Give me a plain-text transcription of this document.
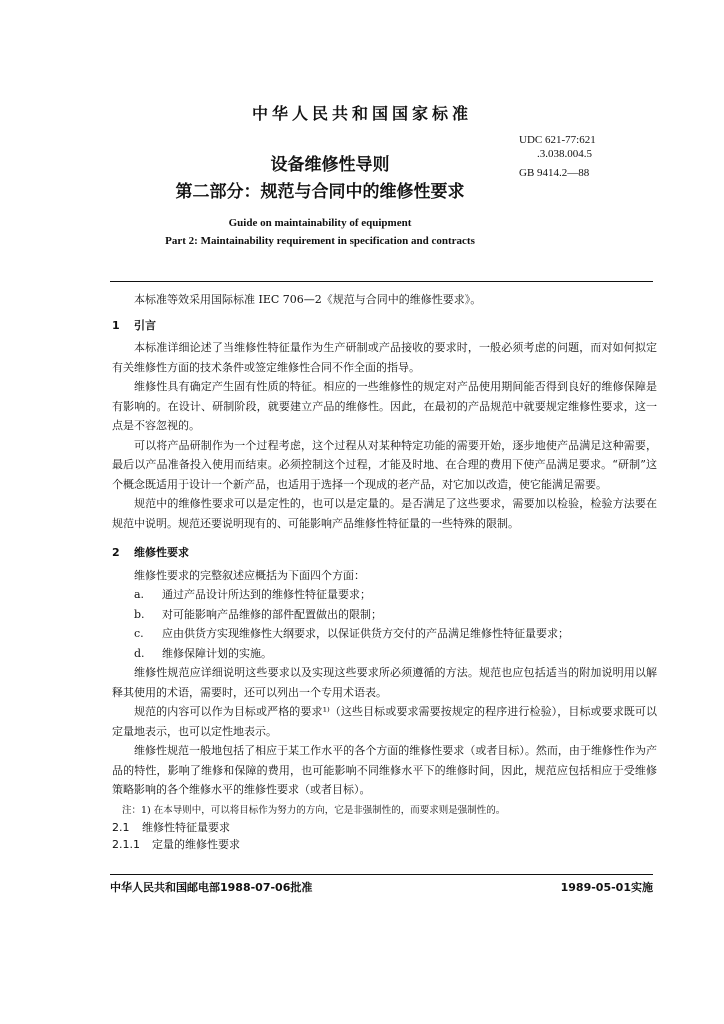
中华人民共和国国家标准
UDC 621-77:621
.3.038.004.5
GB 9414.2—88
设备维修性导则
第二部分：规范与合同中的维修性要求
Guide on maintainability of equipment
Part 2: Maintainability requirement in specification and contracts

本标准等效采用国际标准 IEC 706—2《规范与合同中的维修性要求》。

1 引言

本标准详细论述了当维修性特征量作为生产研制或产品接收的要求时，一般必须考虑的问题，而对如何拟定有关维修性方面的技术条件或签定维修性合同不作全面的指导。

维修性具有确定产生固有性质的特征。相应的一些维修性的规定对产品使用期间能否得到良好的维修保障是有影响的。在设计、研制阶段，就要建立产品的维修性。因此，在最初的产品规范中就要规定维修性要求，这一点是不容忽视的。

可以将产品研制作为一个过程考虑，这个过程从对某种特定功能的需要开始，逐步地使产品满足这种需要，最后以产品准备投入使用而结束。必须控制这个过程，才能及时地、在合理的费用下使产品满足要求。“研制”这个概念既适用于设计一个新产品，也适用于选择一个现成的老产品，对它加以改造，使它能满足需要。

规范中的维修性要求可以是定性的，也可以是定量的。是否满足了这些要求，需要加以检验，检验方法要在规范中说明。规范还要说明现有的、可能影响产品维修性特征量的一些特殊的限制。

2 维修性要求
维修性要求的完整叙述应概括为下面四个方面：
a. 通过产品设计所达到的维修性特征量要求；
b. 对可能影响产品维修的部件配置做出的限制；
c. 应由供货方实现维修性大纲要求，以保证供货方交付的产品满足维修性特征量要求；
d. 维修保障计划的实施。

维修性规范应详细说明这些要求以及实现这些要求所必须遵循的方法。规范也应包括适当的附加说明用以解释其使用的术语，需要时，还可以列出一个专用术语表。

规范的内容可以作为目标或严格的要求¹⁾（这些目标或要求需要按规定的程序进行检验），目标或要求既可以定量地表示，也可以定性地表示。

维修性规范一般地包括了相应于某工作水平的各个方面的维修性要求（或者目标）。然而，由于维修性作为产品的特性，影响了维修和保障的费用，也可能影响不同维修水平下的维修时间，因此，规范应包括相应于受维修策略影响的各个维修水平的维修性要求（或者目标）。

注：1) 在本导则中，可以将目标作为努力的方向，它是非强制性的，而要求则是强制性的。
2.1 维修性特征量要求
2.1.1 定量的维修性要求
中华人民共和国邮电部1988-07-06批准	1989-05-01实施
